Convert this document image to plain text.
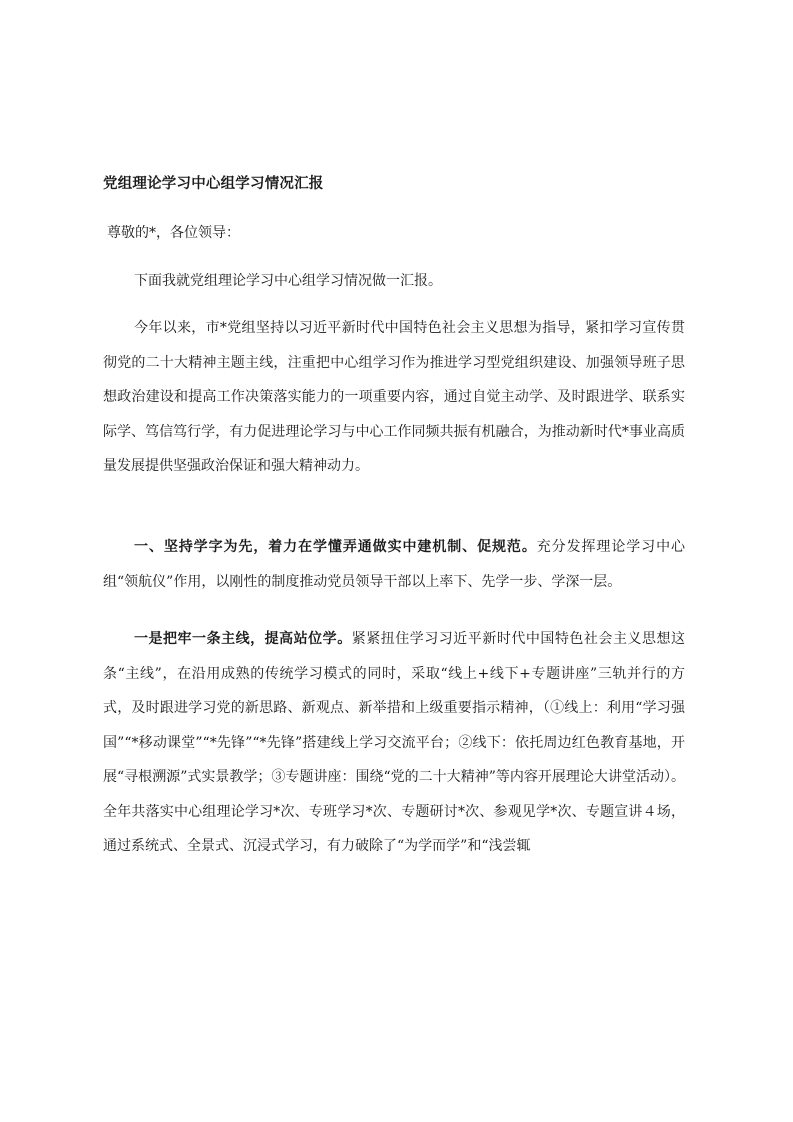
党组理论学习中心组学习情况汇报
尊敬的*，各位领导：
下面我就党组理论学习中心组学习情况做一汇报。
今年以来，市*党组坚持以习近平新时代中国特色社会主义思想为指导，紧扣学习宣传贯彻党的二十大精神主题主线，注重把中心组学习作为推进学习型党组织建设、加强领导班子思想政治建设和提高工作决策落实能力的一项重要内容，通过自觉主动学、及时跟进学、联系实际学、笃信笃行学，有力促进理论学习与中心工作同频共振有机融合，为推动新时代*事业高质量发展提供坚强政治保证和强大精神动力。
一、坚持学字为先，着力在学懂弄通做实中建机制、促规范。充分发挥理论学习中心组“领航仪”作用，以刚性的制度推动党员领导干部以上率下、先学一步、学深一层。
一是把牢一条主线，提高站位学。紧紧扭住学习习近平新时代中国特色社会主义思想这条“主线”，在沿用成熟的传统学习模式的同时，采取“线上+线下+专题讲座”三轨并行的方式，及时跟进学习党的新思路、新观点、新举措和上级重要指示精神，（①线上：利用“学习强国”“*移动课堂”“*先锋”“*先锋”搭建线上学习交流平台；②线下：依托周边红色教育基地，开展“寻根溯源”式实景教学；③专题讲座：围绕“党的二十大精神”等内容开展理论大讲堂活动）。全年共落实中心组理论学习*次、专班学习*次、专题研讨*次、参观见学*次、专题宣讲４场，通过系统式、全景式、沉浸式学习，有力破除了“为学而学”和“浅尝辄
